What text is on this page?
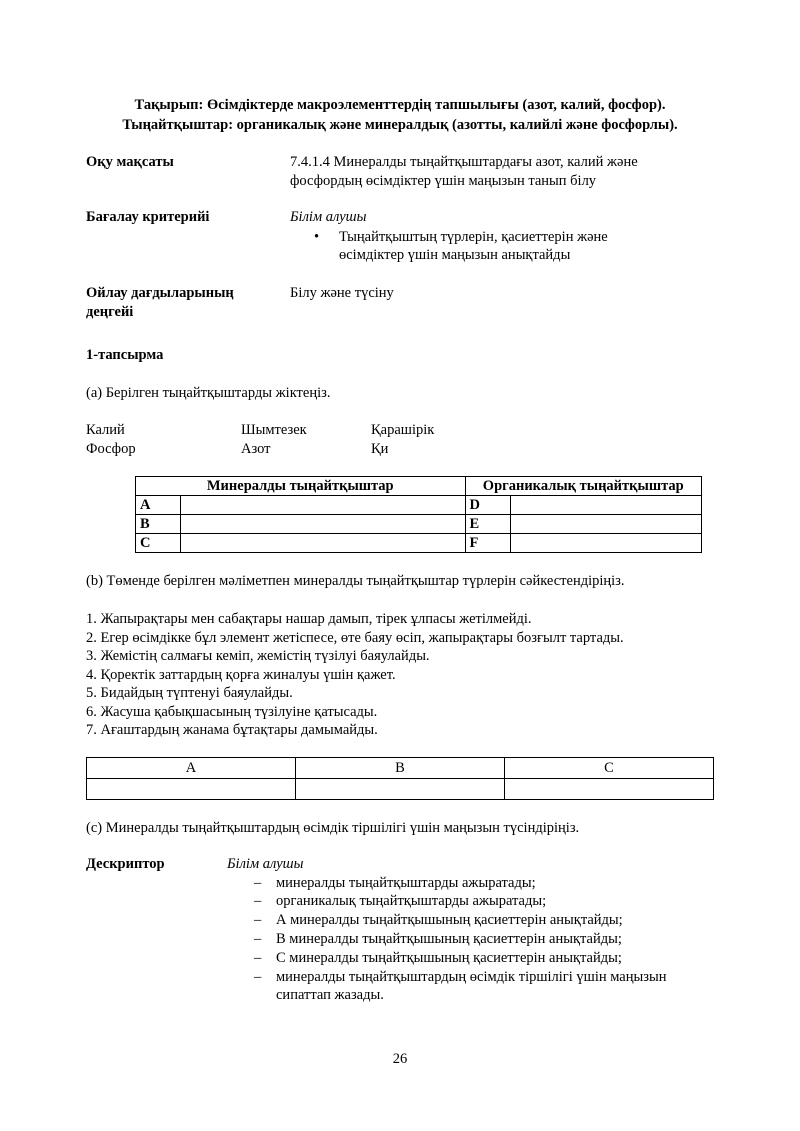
Тақырып: Өсімдіктерде макроэлементтердің тапшылығы (азот, калий, фосфор).
Тыңайтқыштар: органикалық және минералдық (азотты, калийлі және фосфорлы).
Оқу мақсаты	7.4.1.4 Минералды тыңайтқыштардағы азот, калий және
фосфордың өсімдіктер үшін маңызын танып білу
Бағалау критерийі	Білім алушы
• Тыңайтқыштың түрлерін, қасиеттерін және
өсімдіктер үшін маңызын анықтайды
Ойлау дағдыларының
деңгейі
Білу және түсіну
1-тапсырма
(a) Берілген тыңайтқыштарды жіктеңіз.
Калий	Шымтезек	Қарашірік
Фосфор	Азот	Қи
Минералды тыңайтқыштар		Органикалық тыңайтқыштар	
A		D	
B		E	
C		F	
(b) Төменде берілген мәліметпен минералды тыңайтқыштар түрлерін сәйкестендіріңіз.
1. Жапырақтары мен сабақтары нашар дамып, тірек ұлпасы жетілмейді.
2. Егер өсімдікке бұл элемент жетіспесе, өте баяу өсіп, жапырақтары бозғылт тартады.
3. Жемістің салмағы кеміп, жемістің түзілуі баяулайды.
4. Қоректік заттардың қорға жиналуы үшін қажет.
5. Бидайдың түптенуі баяулайды.
6. Жасуша қабықшасының түзілуіне қатысады.
7. Ағаштардың жанама бұтақтары дамымайды.
A	B	C

(c) Минералды тыңайтқыштардың өсімдік тіршілігі үшін маңызын түсіндіріңіз.
Дескриптор	Білім алушы
– минералды тыңайтқыштарды ажыратады;
– органикалық тыңайтқыштарды ажыратады;
– А минералды тыңайтқышының қасиеттерін анықтайды;
– В минералды тыңайтқышының қасиеттерін анықтайды;
– С минералды тыңайтқышының қасиеттерін анықтайды;
– минералды тыңайтқыштардың өсімдік тіршілігі үшін маңызын
сипаттап жазады.
26
